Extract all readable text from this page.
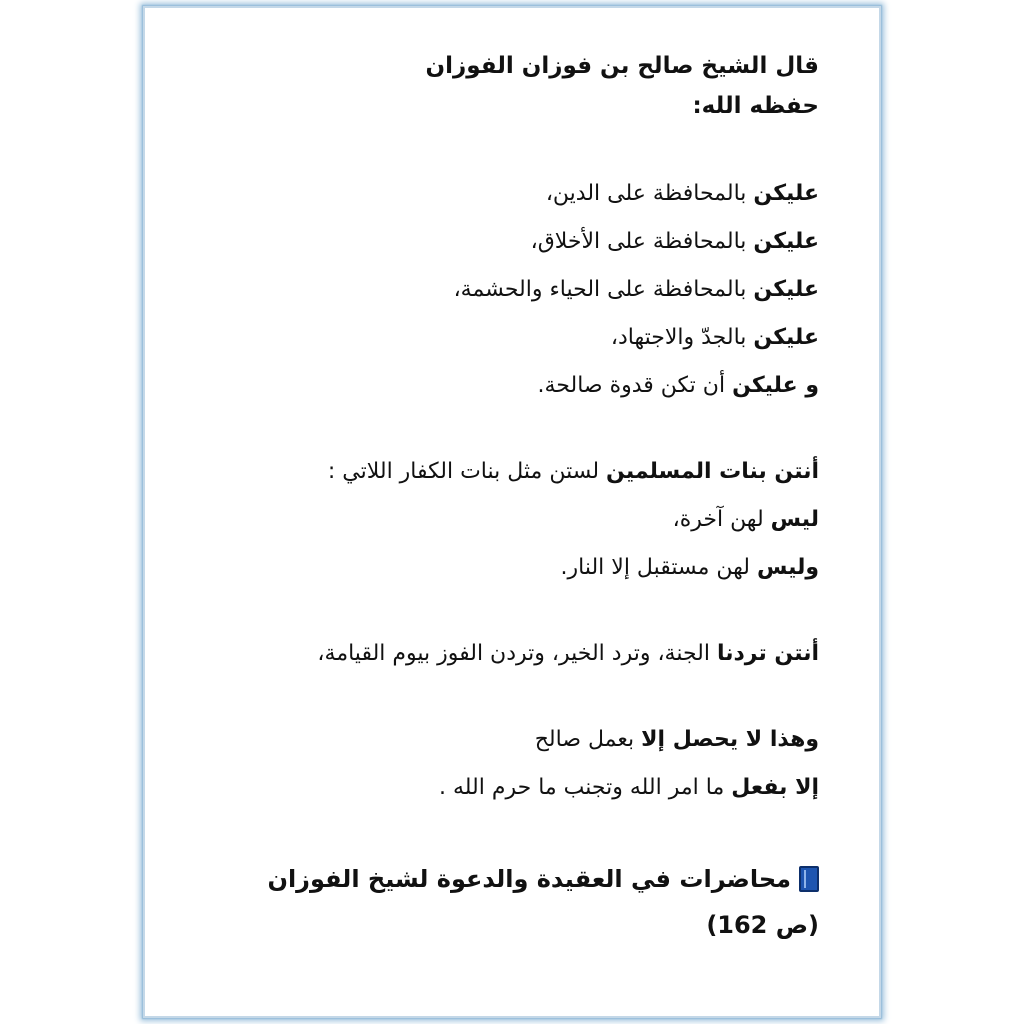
قال الشيخ صالح بن فوزان الفوزان
حفظه الله:
عليكن بالمحافظة على الدين،
عليكن بالمحافظة على الأخلاق،
عليكن بالمحافظة على الحياء والحشمة،
عليكن بالجدّ والاجتهاد،
و عليكن أن تكن قدوة صالحة.
أنتن بنات المسلمين لستن مثل بنات الكفار اللاتي :
ليس لهن آخرة،
وليس لهن مستقبل إلا النار.
أنتن تردنا الجنة، وترد الخير، وتردن الفوز بيوم القيامة،
وهذا لا يحصل إلا بعمل صالح
إلا بفعل ما امر الله وتجنب ما حرم الله .
محاضرات في العقيدة والدعوة لشيخ الفوزان
(ص 162)
